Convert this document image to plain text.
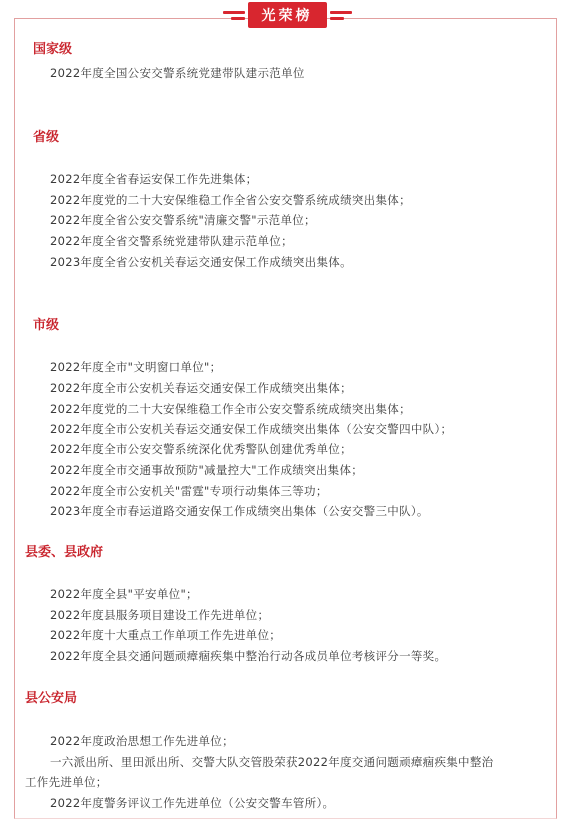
光荣榜
国家级
2022年度全国公安交警系统党建带队建示范单位
省级
2022年度全省春运安保工作先进集体；
2022年度党的二十大安保维稳工作全省公安交警系统成绩突出集体；
2022年度全省公安交警系统"清廉交警"示范单位；
2022年度全省交警系统党建带队建示范单位；
2023年度全省公安机关春运交通安保工作成绩突出集体。
市级
2022年度全市"文明窗口单位"；
2022年度全市公安机关春运交通安保工作成绩突出集体；
2022年度党的二十大安保维稳工作全市公安交警系统成绩突出集体；
2022年度全市公安机关春运交通安保工作成绩突出集体（公安交警四中队）；
2022年度全市公安交警系统深化优秀警队创建优秀单位；
2022年度全市交通事故预防"减量控大"工作成绩突出集体；
2022年度全市公安机关"雷霆"专项行动集体三等功；
2023年度全市春运道路交通安保工作成绩突出集体（公安交警三中队）。
县委、县政府
2022年度全县"平安单位"；
2022年度县服务项目建设工作先进单位；
2022年度十大重点工作单项工作先进单位；
2022年度全县交通问题顽瘴痼疾集中整治行动各成员单位考核评分一等奖。
县公安局
2022年度政治思想工作先进单位；
一六派出所、里田派出所、交警大队交管股荣获2022年度交通问题顽瘴痼疾集中整治
工作先进单位；
2022年度警务评议工作先进单位（公安交警车管所）。
